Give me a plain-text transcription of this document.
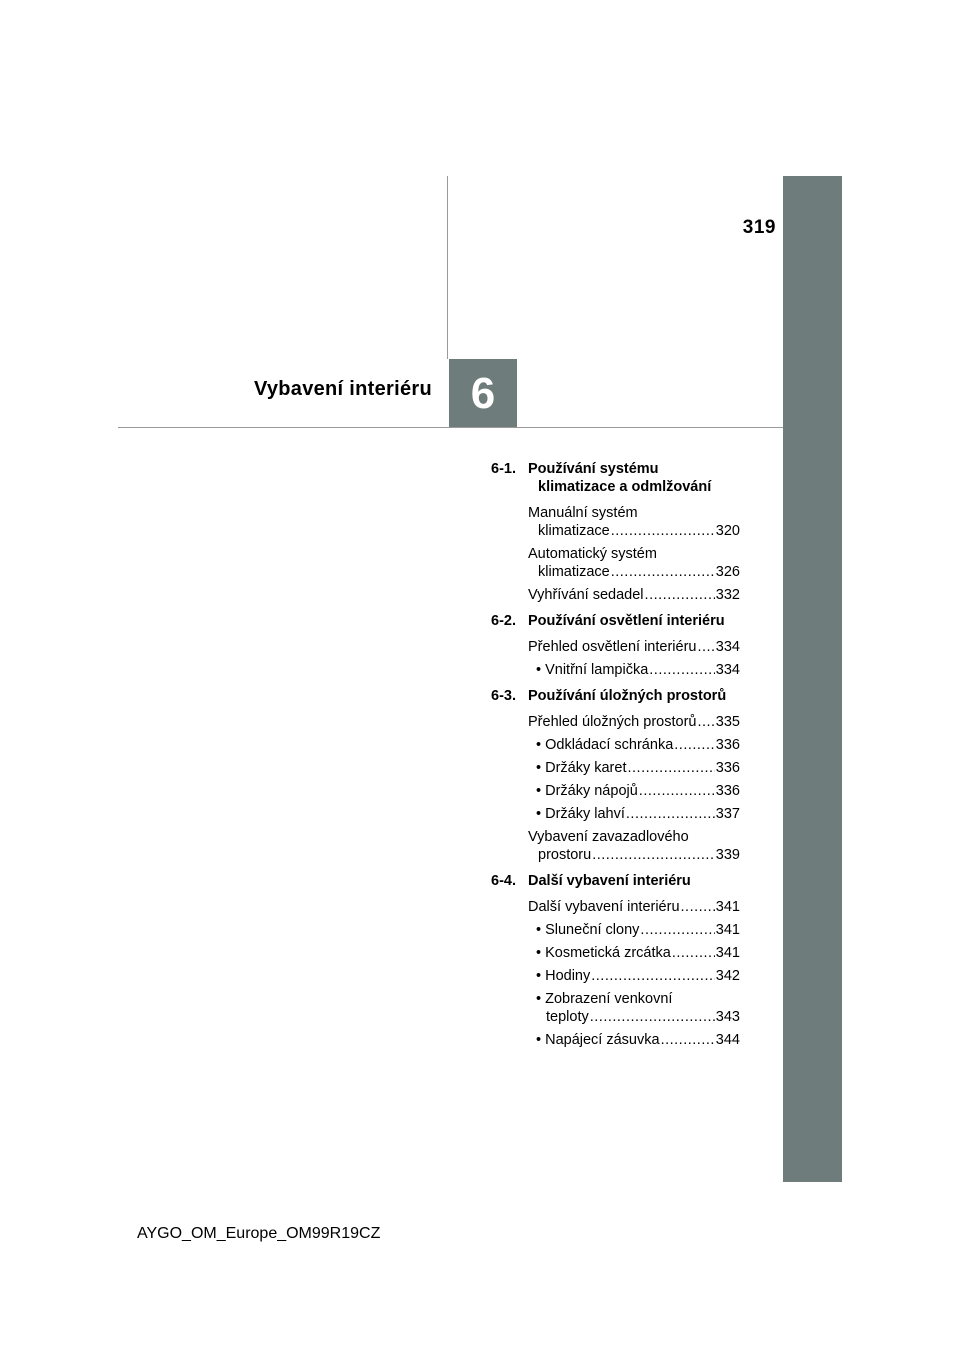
319
6
Vybavení interiéru
6-1. Používání systému
klimatizace a odmlžování
Manuální systém
klimatizace .....	320
Automatický systém
klimatizace .....	326
Vyhřívání sedadel .....	332
6-2. Používání osvětlení interiéru
Přehled osvětlení interiéru ..... 334
• Vnitřní lampička .....	334
6-3. Používání úložných prostorů
Přehled úložných prostorů ..... 335
• Odkládací schránka .....	336
• Držáky karet .....	336
• Držáky nápojů .....	336
• Držáky lahví .....	337
Vybavení zavazadlového
prostoru .....	339
6-4. Další vybavení interiéru
Další vybavení interiéru .....	341
• Sluneční clony .....	341
• Kosmetická zrcátka .....	341
• Hodiny .....	342
• Zobrazení venkovní
teploty .....	343
• Napájecí zásuvka .....	344
AYGO_OM_Europe_OM99R19CZ
